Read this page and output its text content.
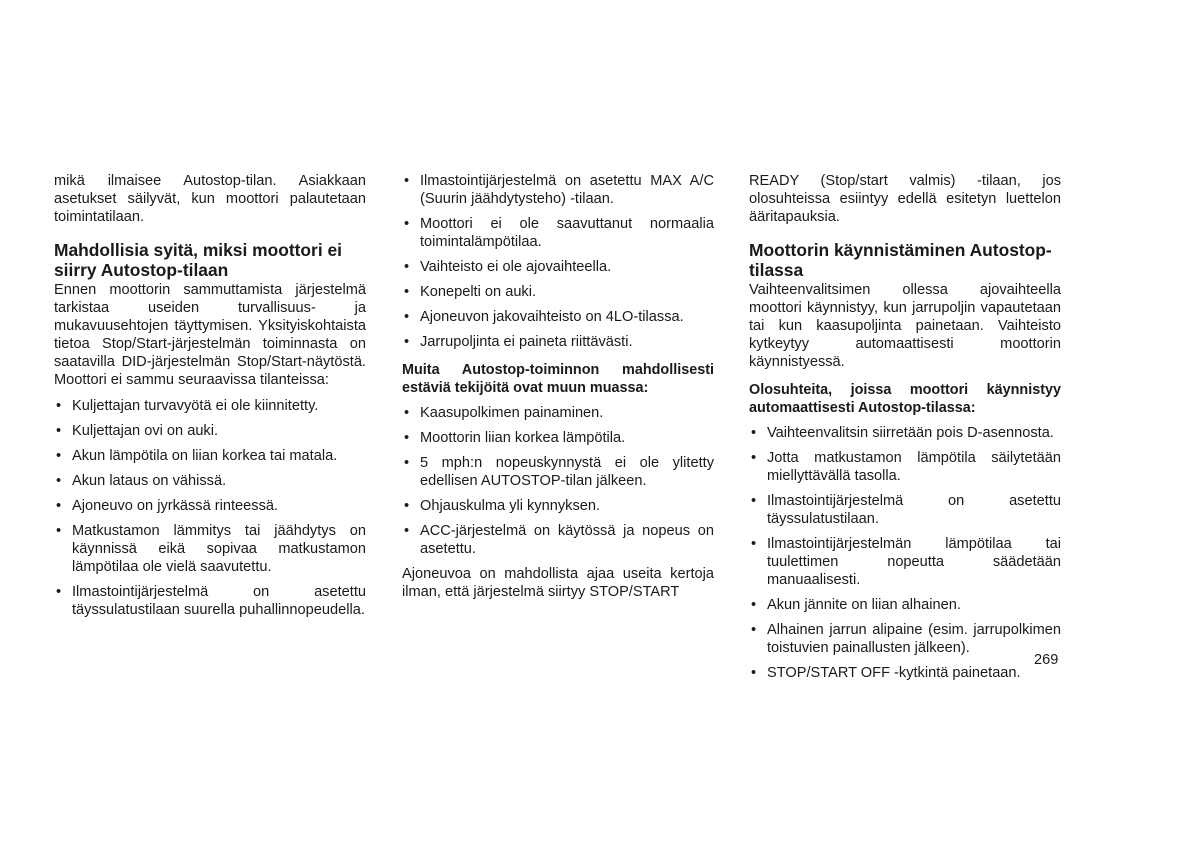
mikä ilmaisee Autostop-tilan. Asiakkaan asetukset säilyvät, kun moottori palautetaan toimintatilaan.

Mahdollisia syitä, miksi moottori ei siirry Autostop-tilaan

Ennen moottorin sammuttamista järjestelmä tarkistaa useiden turvallisuus- ja mukavuusehtojen täyttymisen. Yksityiskohtaista tietoa Stop/Start-järjestelmän toiminnasta on saatavilla DID-järjestelmän Stop/Start-näytöstä. Moottori ei sammu seuraavissa tilanteissa:

• Kuljettajan turvavyötä ei ole kiinnitetty.
• Kuljettajan ovi on auki.
• Akun lämpötila on liian korkea tai matala.
• Akun lataus on vähissä.
• Ajoneuvo on jyrkässä rinteessä.
• Matkustamon lämmitys tai jäähdytys on käynnissä eikä sopivaa matkustamon lämpötilaa ole vielä saavutettu.
• Ilmastointijärjestelmä on asetettu täyssulatustilaan suurella puhallinnopeudella.
• Ilmastointijärjestelmä on asetettu MAX A/C (Suurin jäähdytysteho) -tilaan.
• Moottori ei ole saavuttanut normaalia toimintalämpötilaa.
• Vaihteisto ei ole ajovaihteella.
• Konepelti on auki.
• Ajoneuvon jakovaihteisto on 4LO-tilassa.
• Jarrupoljinta ei paineta riittävästi.
Muita Autostop-toiminnon mahdollisesti estäviä tekijöitä ovat muun muassa:
• Kaasupolkimen painaminen.
• Moottorin liian korkea lämpötila.
• 5 mph:n nopeuskynnystä ei ole ylitetty edellisen AUTOSTOP-tilan jälkeen.
• Ohjauskulma yli kynnyksen.
• ACC-järjestelmä on käytössä ja nopeus on asetettu.

Ajoneuvoa on mahdollista ajaa useita kertoja ilman, että järjestelmä siirtyy STOP/START

READY (Stop/start valmis) -tilaan, jos olosuhteissa esiintyy edellä esitetyn luettelon ääritapauksia.

Moottorin käynnistäminen Autostop-tilassa

Vaihteenvalitsimen ollessa ajovaihteella moottori käynnistyy, kun jarrupoljin vapautetaan tai kun kaasupoljinta painetaan. Vaihteisto kytkeytyy automaattisesti moottorin käynnistyessä.

Olosuhteita, joissa moottori käynnistyy automaattisesti Autostop-tilassa:
• Vaihteenvalitsin siirretään pois D-asennosta.
• Jotta matkustamon lämpötila säilytetään miellyttävällä tasolla.
• Ilmastointijärjestelmä on asetettu täyssulatustilaan.
• Ilmastointijärjestelmän lämpötilaa tai tuulettimen nopeutta säädetään manuaalisesti.
• Akun jännite on liian alhainen.
• Alhainen jarrun alipaine (esim. jarrupolkimen toistuvien painallusten jälkeen).
• STOP/START OFF -kytkintä painetaan.
269
